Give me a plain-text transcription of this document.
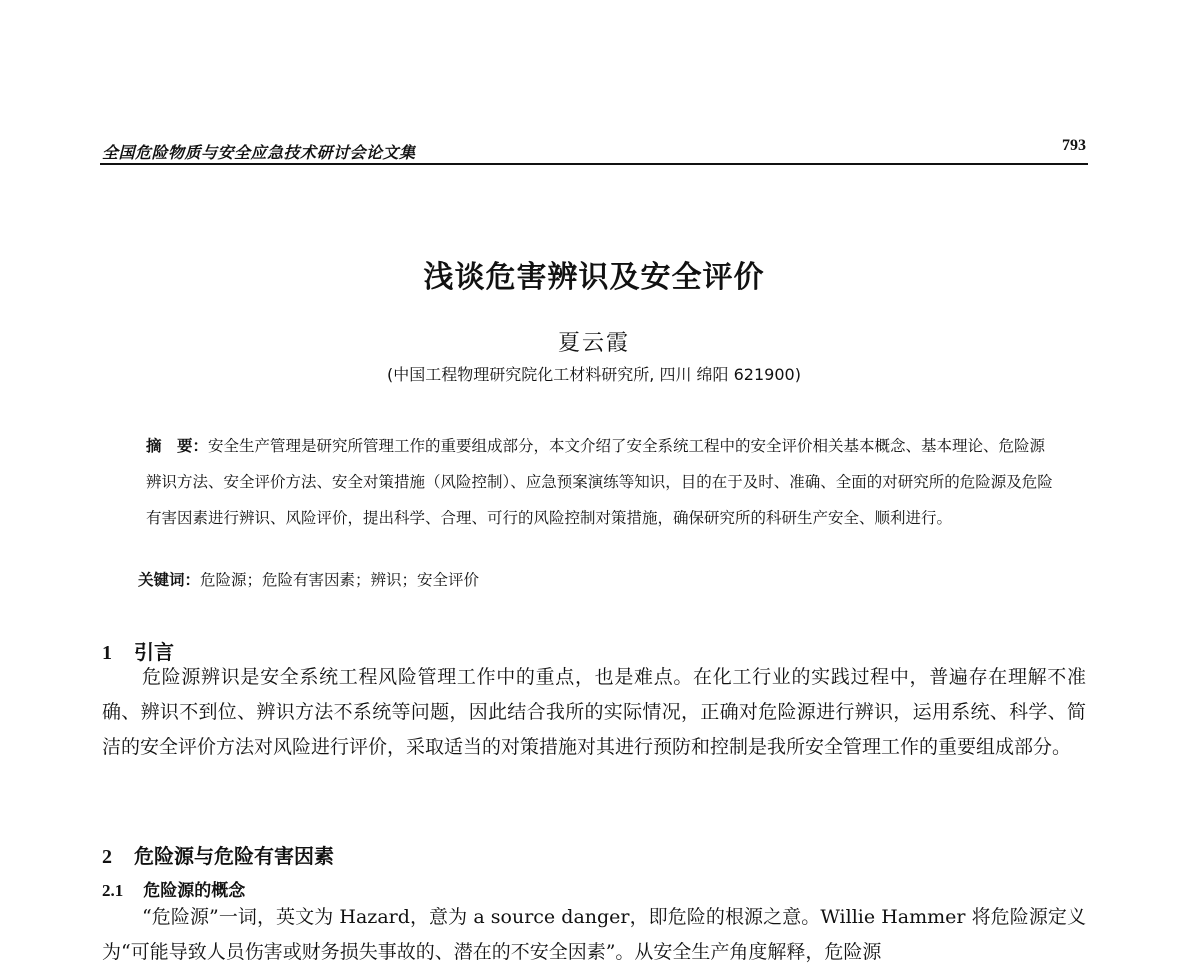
全国危险物质与安全应急技术研讨会论文集	793
浅谈危害辨识及安全评价
夏云霞
(中国工程物理研究院化工材料研究所, 四川 绵阳 621900)

摘　要：安全生产管理是研究所管理工作的重要组成部分，本文介绍了安全系统工程中的安全评价相关基本概念、基本理论、危险源辨识方法、安全评价方法、安全对策措施（风险控制）、应急预案演练等知识，目的在于及时、准确、全面的对研究所的危险源及危险有害因素进行辨识、风险评价，提出科学、合理、可行的风险控制对策措施，确保研究所的科研生产安全、顺利进行。

关键词：危险源；危险有害因素；辨识；安全评价

1 引言

危险源辨识是安全系统工程风险管理工作中的重点，也是难点。在化工行业的实践过程中，普遍存在理解不准确、辨识不到位、辨识方法不系统等问题，因此结合我所的实际情况，正确对危险源进行辨识，运用系统、科学、简洁的安全评价方法对风险进行评价，采取适当的对策措施对其进行预防和控制是我所安全管理工作的重要组成部分。

2 危险源与危险有害因素
2.1 危险源的概念

“危险源”一词，英文为 Hazard，意为 a source danger，即危险的根源之意。Willie Hammer 将危险源定义为“可能导致人员伤害或财务损失事故的、潜在的不安全因素”。从安全生产角度解释，危险源
